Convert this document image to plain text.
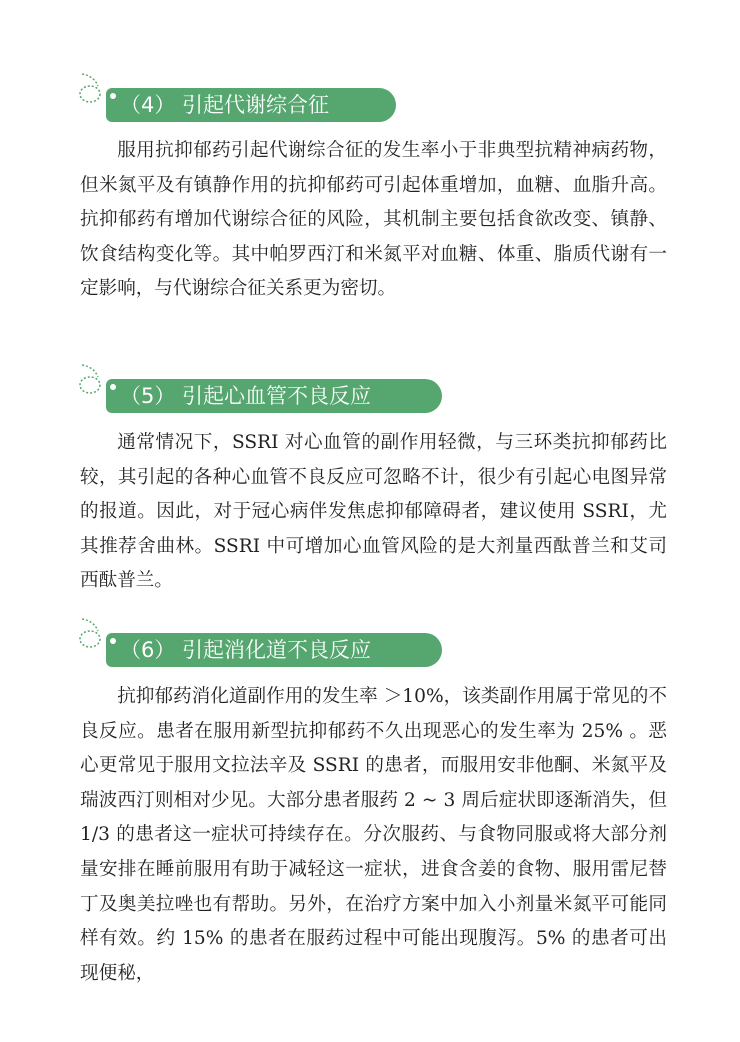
（4） 引起代谢综合征

服用抗抑郁药引起代谢综合征的发生率小于非典型抗精神病药物，但米氮平及有镇静作用的抗抑郁药可引起体重增加，血糖、血脂升高。抗抑郁药有增加代谢综合征的风险，其机制主要包括食欲改变、镇静、饮食结构变化等。其中帕罗西汀和米氮平对血糖、体重、脂质代谢有一定影响，与代谢综合征关系更为密切。

（5） 引起心血管不良反应

通常情况下，SSRI 对心血管的副作用轻微，与三环类抗抑郁药比较，其引起的各种心血管不良反应可忽略不计，很少有引起心电图异常的报道。因此，对于冠心病伴发焦虑抑郁障碍者，建议使用 SSRI，尤其推荐舍曲林。SSRI 中可增加心血管风险的是大剂量西酞普兰和艾司西酞普兰。

（6） 引起消化道不良反应

抗抑郁药消化道副作用的发生率 ＞10%，该类副作用属于常见的不良反应。患者在服用新型抗抑郁药不久出现恶心的发生率为 25% 。恶心更常见于服用文拉法辛及 SSRI 的患者，而服用安非他酮、米氮平及瑞波西汀则相对少见。大部分患者服药 2 ~ 3 周后症状即逐渐消失，但 1/3 的患者这一症状可持续存在。分次服药、与食物同服或将大部分剂量安排在睡前服用有助于减轻这一症状，进食含姜的食物、服用雷尼替丁及奥美拉唑也有帮助。另外，在治疗方案中加入小剂量米氮平可能同样有效。约 15% 的患者在服药过程中可能出现腹泻。5% 的患者可出现便秘，
